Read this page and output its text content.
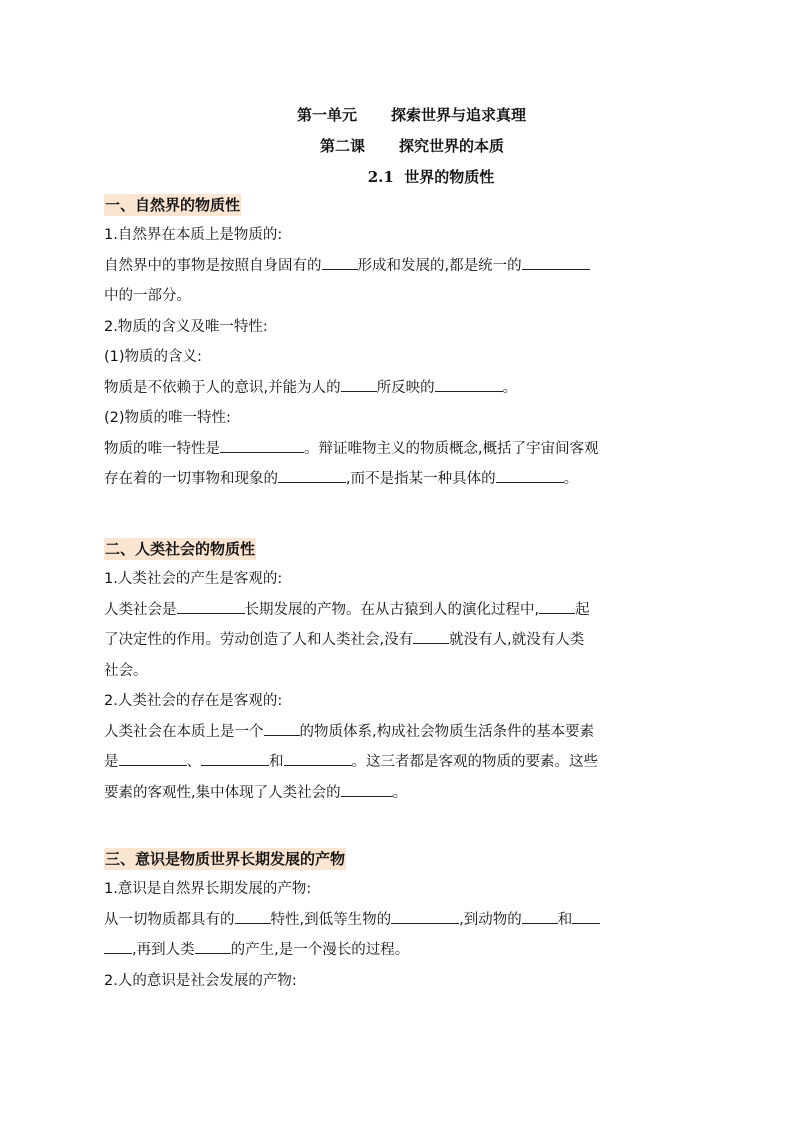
第一单元 探索世界与追求真理
第二课 探究世界的本质
2.1 世界的物质性
一、自然界的物质性
1.自然界在本质上是物质的:
自然界中的事物是按照自身固有的 形成和发展的,都是统一的
中的一部分。
2.物质的含义及唯一特性:
(1)物质的含义:
物质是不依赖于人的意识,并能为人的 所反映的	。
(2)物质的唯一特性:
物质的唯一特性是	。辩证唯物主义的物质概念,概括了宇宙间客观
存在着的一切事物和现象的	,而不是指某一种具体的	。
二、人类社会的物质性
1.人类社会的产生是客观的:
人类社会是	长期发展的产物。在从古猿到人的演化过程中, 起
了决定性的作用。劳动创造了人和人类社会,没有 就没有人,就没有人类
社会。
2.人类社会的存在是客观的:
人类社会在本质上是一个 的物质体系,构成社会物质生活条件的基本要素
是	、	和	。这三者都是客观的物质的要素。这些
要素的客观性,集中体现了人类社会的	。
三、意识是物质世界长期发展的产物
1.意识是自然界长期发展的产物:
从一切物质都具有的 特性,到低等生物的	,到动物的 和
,再到人类 的产生,是一个漫长的过程。
2.人的意识是社会发展的产物:
